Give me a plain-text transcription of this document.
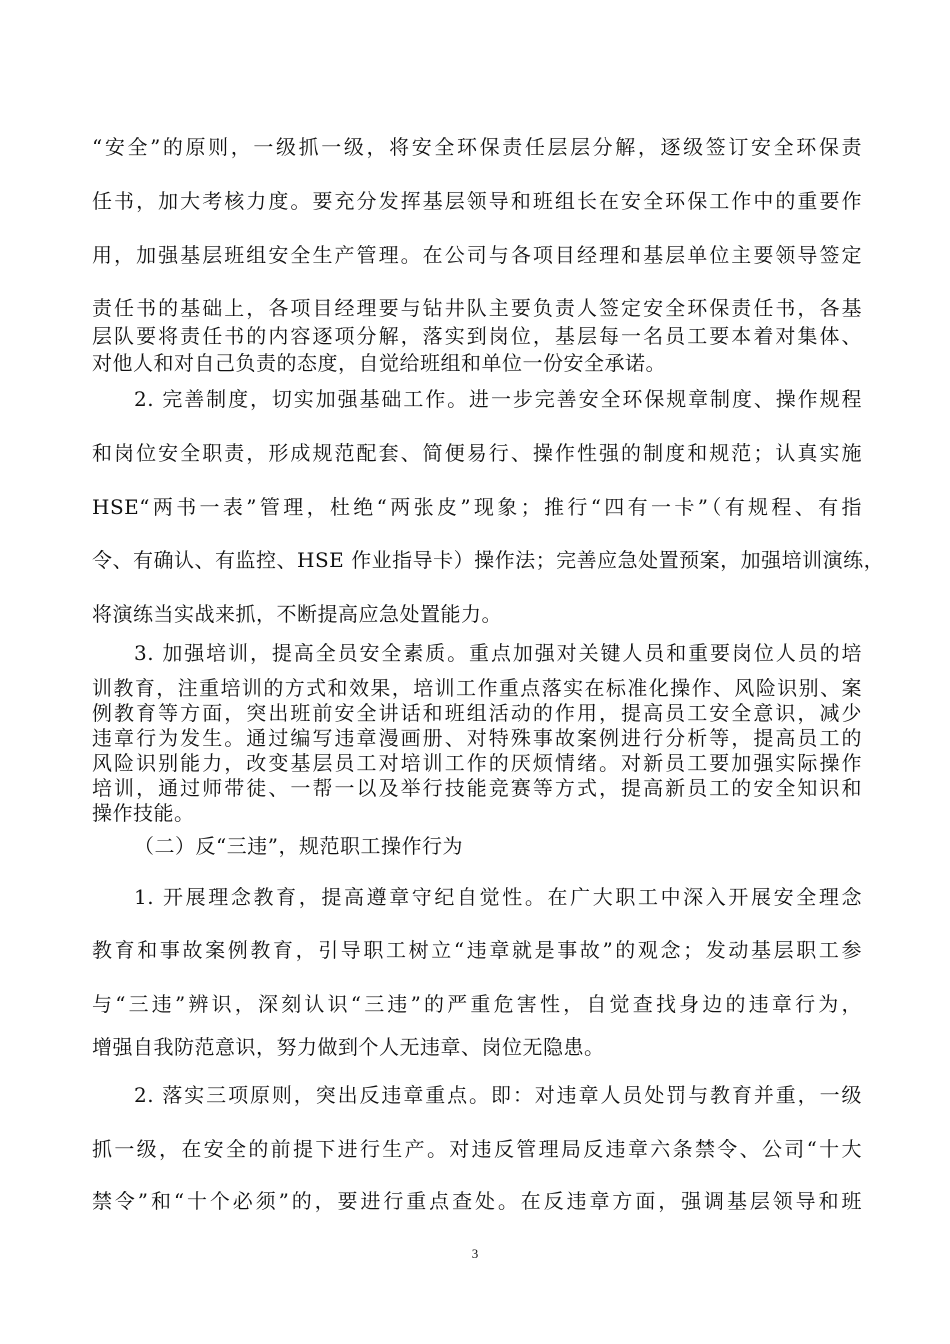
“安全”的原则，一级抓一级，将安全环保责任层层分解，逐级签订安全环保责
任书，加大考核力度。要充分发挥基层领导和班组长在安全环保工作中的重要作
用，加强基层班组安全生产管理。在公司与各项目经理和基层单位主要领导签定
责任书的基础上，各项目经理要与钻井队主要负责人签定安全环保责任书，各基
层队要将责任书的内容逐项分解，落实到岗位，基层每一名员工要本着对集体、
对他人和对自己负责的态度，自觉给班组和单位一份安全承诺。
2. 完善制度，切实加强基础工作。进一步完善安全环保规章制度、操作规程
和岗位安全职责，形成规范配套、简便易行、操作性强的制度和规范；认真实施
HSE“两书一表”管理，杜绝“两张皮”现象；推行“四有一卡”（有规程、有指
令、有确认、有监控、HSE 作业指导卡）操作法；完善应急处置预案，加强培训演练，
将演练当实战来抓，不断提高应急处置能力。
3. 加强培训，提高全员安全素质。重点加强对关键人员和重要岗位人员的培
训教育，注重培训的方式和效果，培训工作重点落实在标准化操作、风险识别、案
例教育等方面，突出班前安全讲话和班组活动的作用，提高员工安全意识，减少
违章行为发生。通过编写违章漫画册、对特殊事故案例进行分析等，提高员工的
风险识别能力，改变基层员工对培训工作的厌烦情绪。对新员工要加强实际操作
培训，通过师带徒、一帮一以及举行技能竞赛等方式，提高新员工的安全知识和
操作技能。
（二）反“三违”，规范职工操作行为
1. 开展理念教育，提高遵章守纪自觉性。在广大职工中深入开展安全理念
教育和事故案例教育，引导职工树立“违章就是事故”的观念；发动基层职工参
与“三违”辨识，深刻认识“三违”的严重危害性，自觉查找身边的违章行为，
增强自我防范意识，努力做到个人无违章、岗位无隐患。
2. 落实三项原则，突出反违章重点。即：对违章人员处罚与教育并重，一级
抓一级，在安全的前提下进行生产。对违反管理局反违章六条禁令、公司“十大
禁令”和“十个必须”的，要进行重点查处。在反违章方面，强调基层领导和班
3
